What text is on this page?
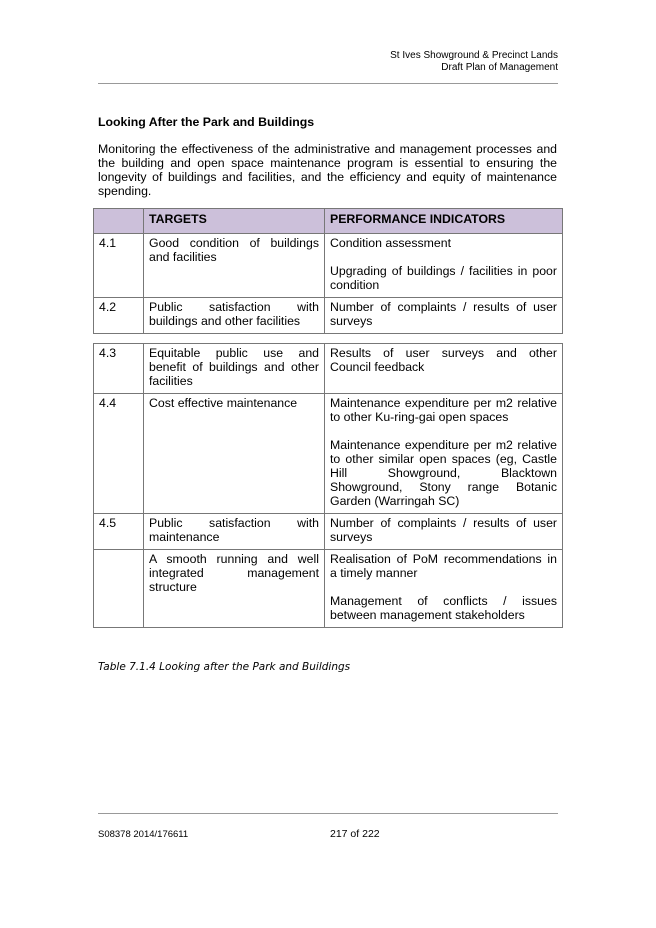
St Ives Showground & Precinct Lands
Draft Plan of Management
Looking After the Park and Buildings

Monitoring the effectiveness of the administrative and management processes and the building and open space maintenance program is essential to ensuring the longevity of buildings and facilities, and the efficiency and equity of maintenance spending.

	TARGETS	PERFORMANCE INDICATORS
4.1	Good condition of buildings and facilities	Condition assessment

Upgrading of buildings / facilities in poor condition

4.2	Public satisfaction with buildings and other facilities	Number of complaints / results of user surveys

4.3	Equitable public use and benefit of buildings and other facilities	Results of user surveys and other Council feedback

4.4	Cost effective maintenance	Maintenance expenditure per m2 relative to other Ku-ring-gai open spaces

Maintenance expenditure per m2 relative to other similar open spaces (eg, Castle Hill Showground, Blacktown Showground, Stony range Botanic Garden (Warringah SC)

4.5	Public satisfaction with maintenance	Number of complaints / results of user surveys

	A smooth running and well integrated management structure	Realisation of PoM recommendations in a timely manner

Management of conflicts / issues between management stakeholders

Table 7.1.4 Looking after the Park and Buildings
S08378 2014/176611	217 of 222
